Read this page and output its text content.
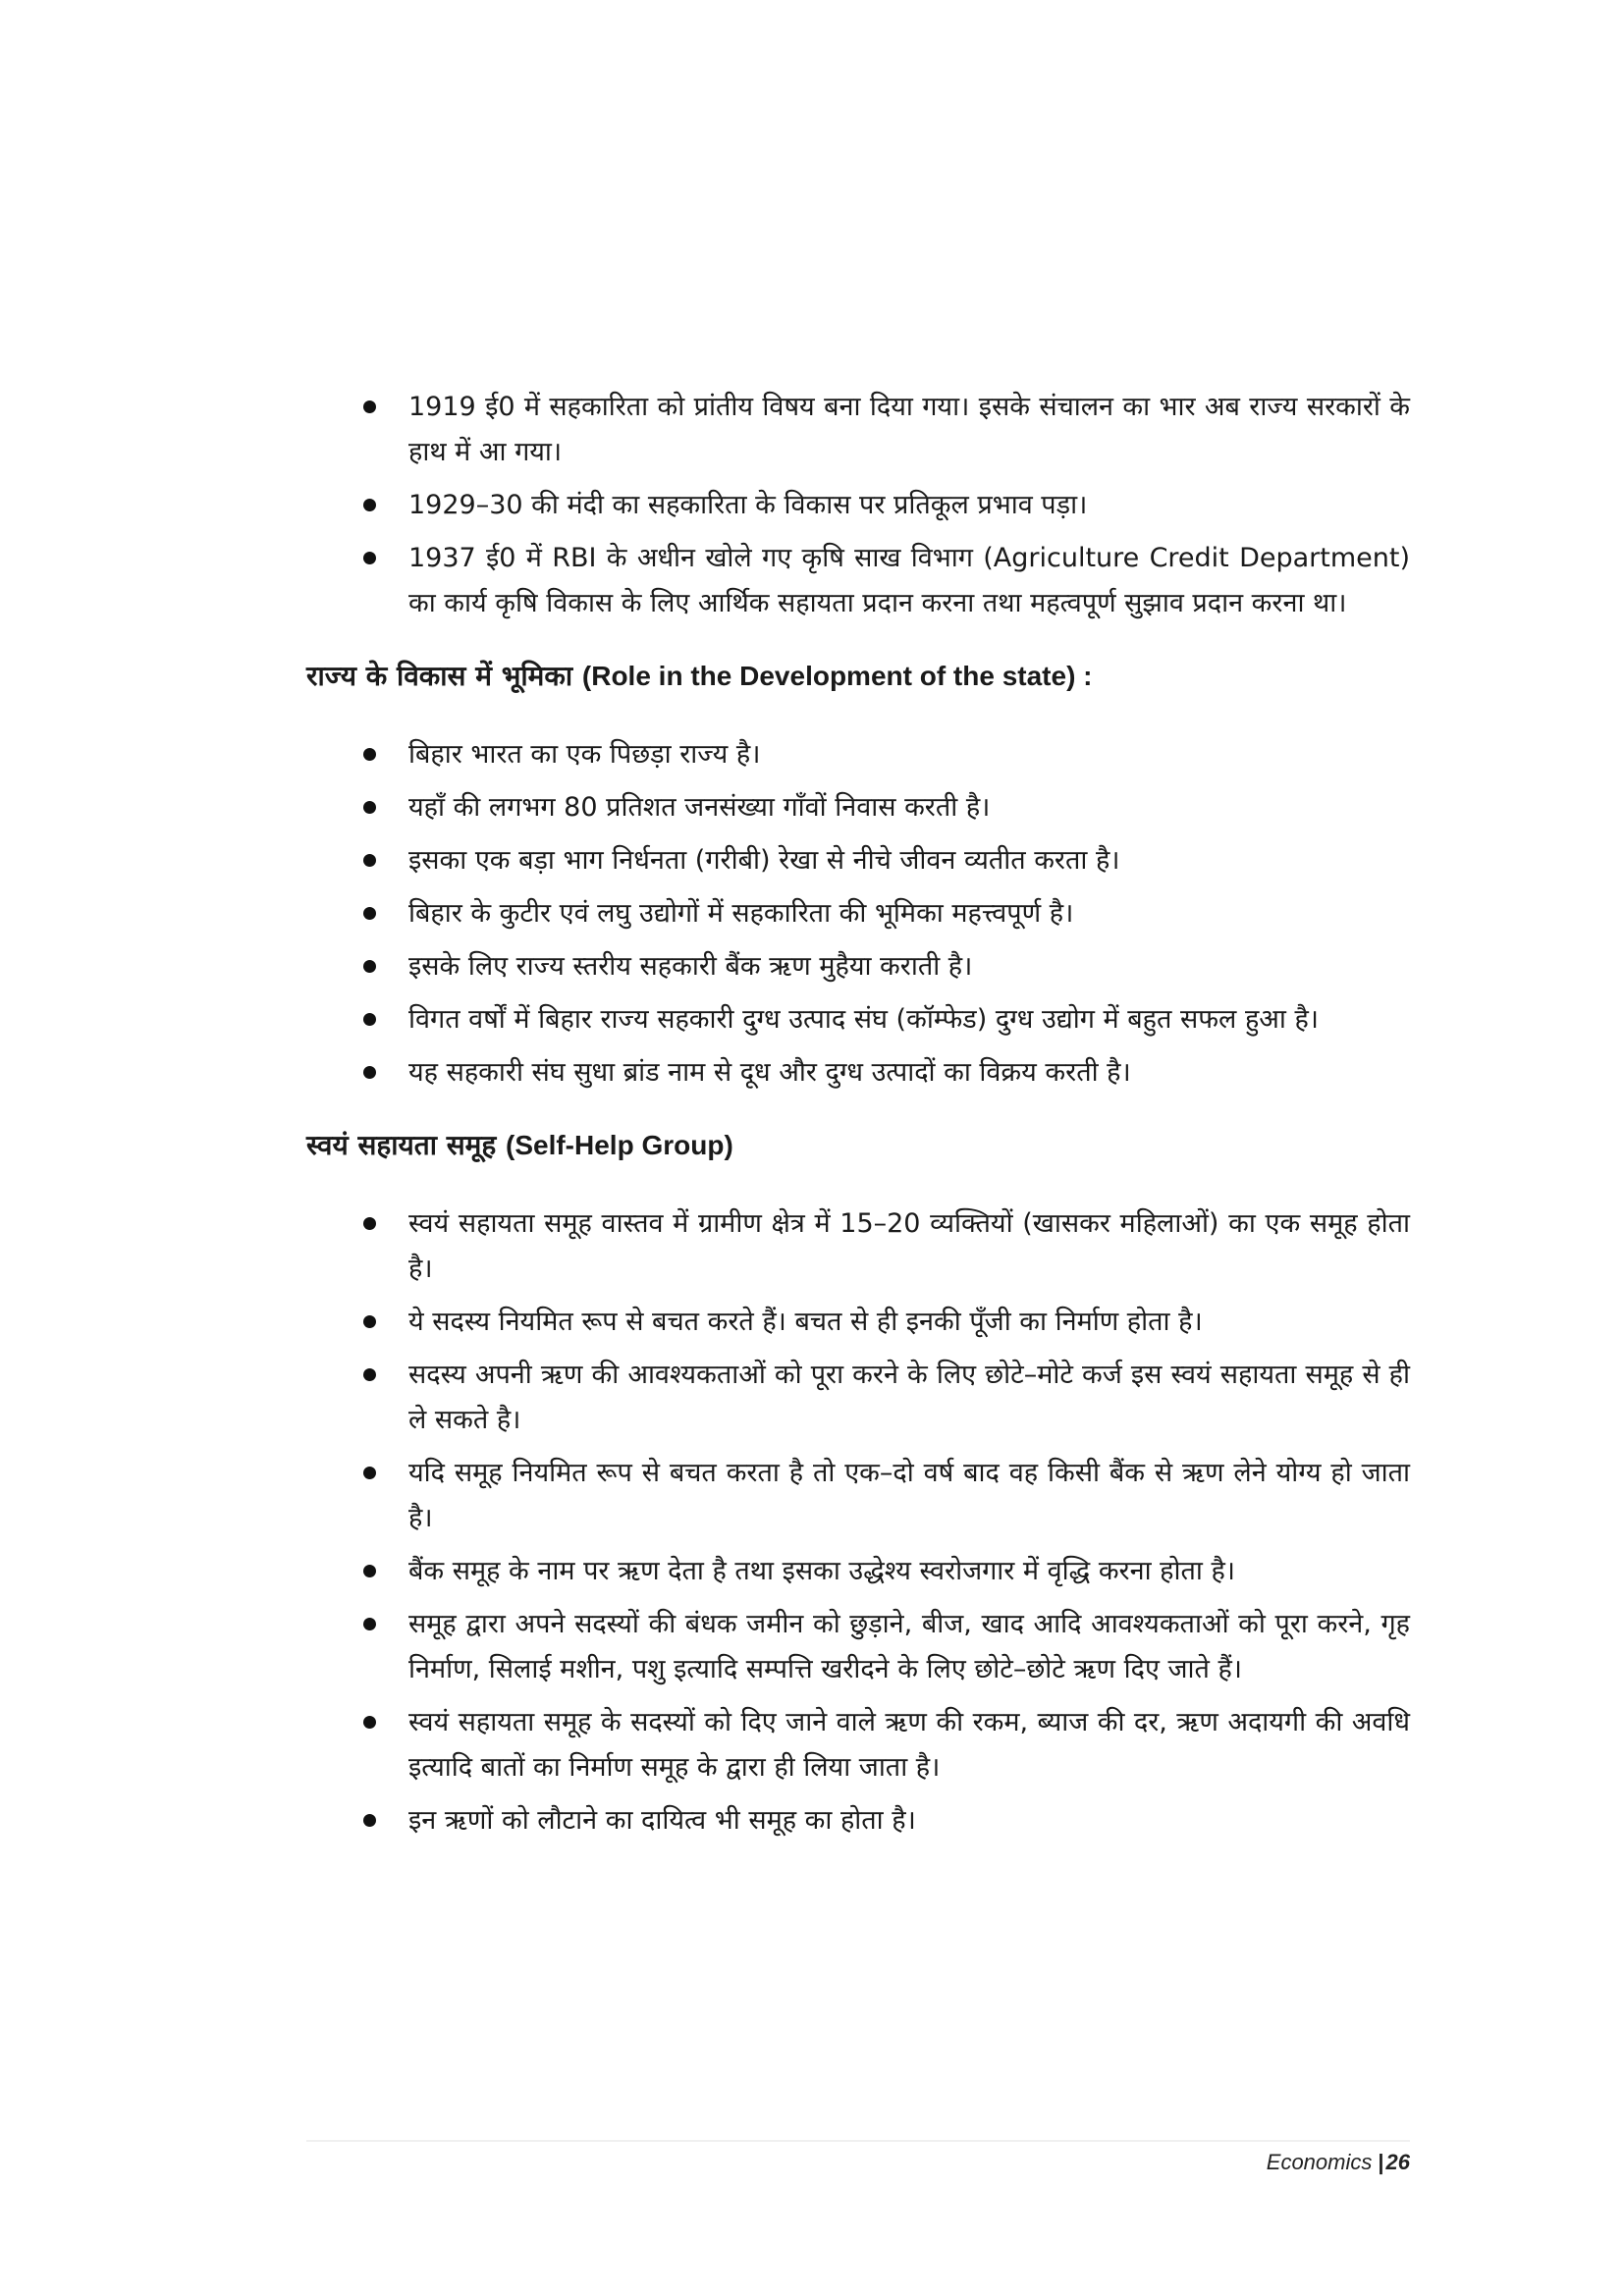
1919 ई0 में सहकारिता को प्रांतीय विषय बना दिया गया। इसके संचालन का भार अब राज्य सरकारों के हाथ में आ गया।
1929–30 की मंदी का सहकारिता के विकास पर प्रतिकूल प्रभाव पड़ा।
1937 ई0 में RBI के अधीन खोले गए कृषि साख विभाग (Agriculture Credit Department) का कार्य कृषि विकास के लिए आर्थिक सहायता प्रदान करना तथा महत्वपूर्ण सुझाव प्रदान करना था।
राज्य के विकास में भूमिका (Role in the Development of the state) :
बिहार भारत का एक पिछड़ा राज्य है।
यहाँ की लगभग 80 प्रतिशत जनसंख्या गाँवों निवास करती है।
इसका एक बड़ा भाग निर्धनता (गरीबी) रेखा से नीचे जीवन व्यतीत करता है।
बिहार के कुटीर एवं लघु उद्योगों में सहकारिता की भूमिका महत्त्वपूर्ण है।
इसके लिए राज्य स्तरीय सहकारी बैंक ऋण मुहैया कराती है।
विगत वर्षों में बिहार राज्य सहकारी दुग्ध उत्पाद संघ (कॉम्फेड) दुग्ध उद्योग में बहुत सफल हुआ है।
यह सहकारी संघ सुधा ब्रांड नाम से दूध और दुग्ध उत्पादों का विक्रय करती है।
स्वयं सहायता समूह (Self-Help Group)
स्वयं सहायता समूह वास्तव में ग्रामीण क्षेत्र में 15–20 व्यक्तियों (खासकर महिलाओं) का एक समूह होता है।
ये सदस्य नियमित रूप से बचत करते हैं। बचत से ही इनकी पूँजी का निर्माण होता है।
सदस्य अपनी ऋण की आवश्यकताओं को पूरा करने के लिए छोटे–मोटे कर्ज इस स्वयं सहायता समूह से ही ले सकते है।
यदि समूह नियमित रूप से बचत करता है तो एक–दो वर्ष बाद वह किसी बैंक से ऋण लेने योग्य हो जाता है।
बैंक समूह के नाम पर ऋण देता है तथा इसका उद्धेश्य स्वरोजगार में वृद्धि करना होता है।
समूह द्वारा अपने सदस्यों की बंधक जमीन को छुड़ाने, बीज, खाद आदि आवश्यकताओं को पूरा करने, गृह निर्माण, सिलाई मशीन, पशु इत्यादि सम्पत्ति खरीदने के लिए छोटे–छोटे ऋण दिए जाते हैं।
स्वयं सहायता समूह के सदस्यों को दिए जाने वाले ऋण की रकम, ब्याज की दर, ऋण अदायगी की अवधि इत्यादि बातों का निर्माण समूह के द्वारा ही लिया जाता है।
इन ऋणों को लौटाने का दायित्व भी समूह का होता है।
Economics |26
